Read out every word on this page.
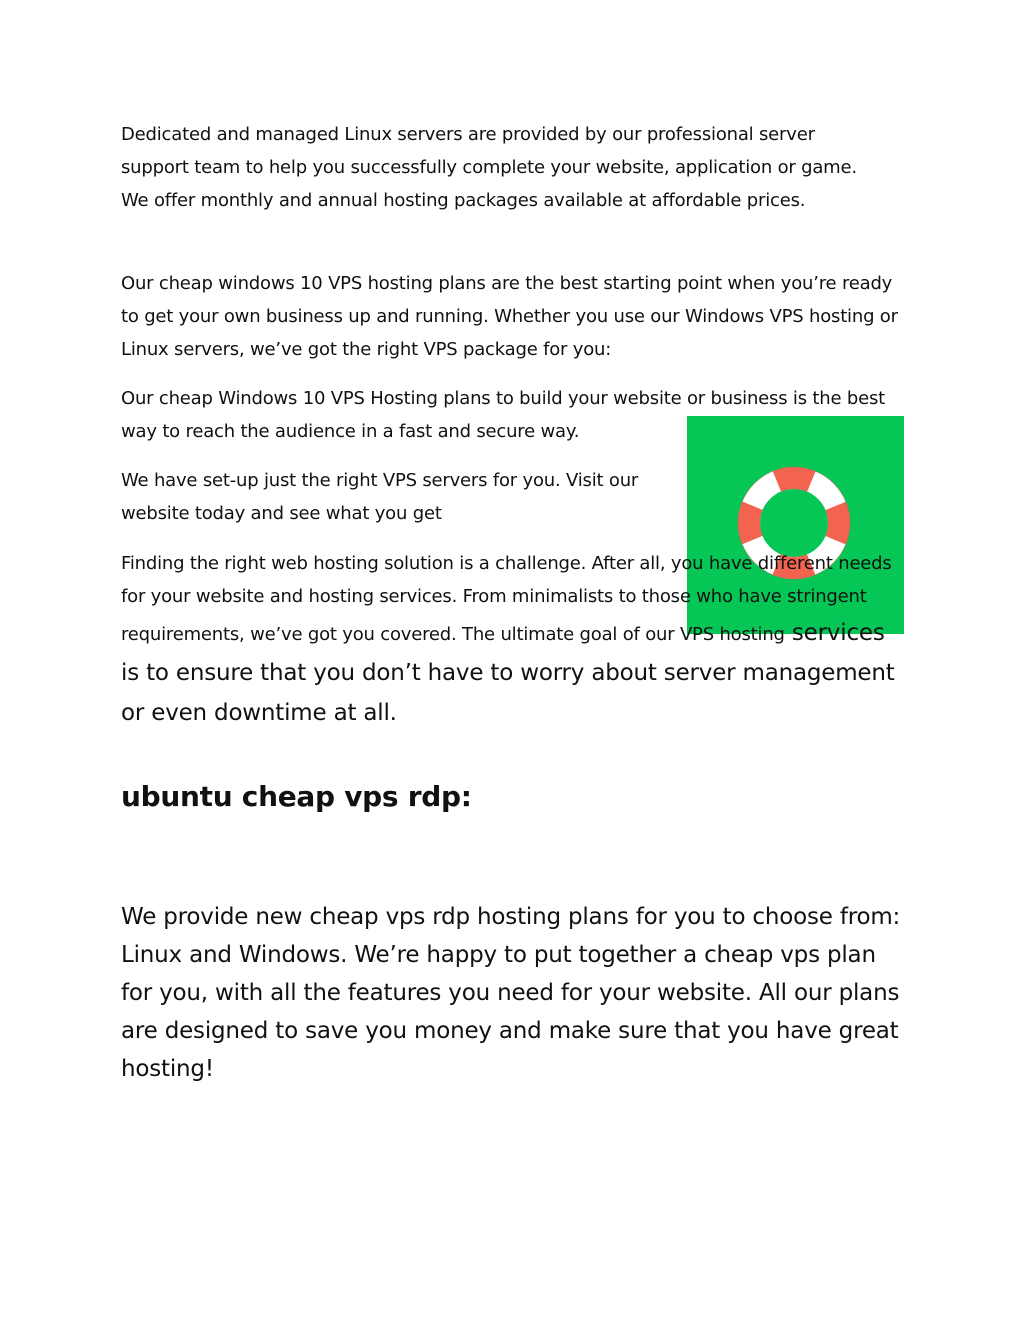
Dedicated and managed Linux servers are provided by our professional server support team to help you successfully complete your website, application or game. We offer monthly and annual hosting packages available at affordable prices.

Our cheap windows 10 VPS hosting plans are the best starting point when you’re ready to get your own business up and running. Whether you use our Windows VPS hosting or Linux servers, we’ve got the right VPS package for you:

Our cheap Windows 10 VPS Hosting plans to build your website or business is the best way to reach the audience in a fast and secure way.

We have set-up just the right VPS servers for you. Visit our website today and see what you get

Finding the right web hosting solution is a challenge. After all, you have different needs for your website and hosting services. From minimalists to those who have stringent requirements, we’ve got you covered. The ultimate goal of our VPS hosting services is to ensure that you don’t have to worry about server management or even downtime at all.

ubuntu cheap vps rdp:

We provide new cheap vps rdp hosting plans for you to choose from: Linux and Windows. We’re happy to put together a cheap vps plan for you, with all the features you need for your website. All our plans are designed to save you money and make sure that you have great hosting!
